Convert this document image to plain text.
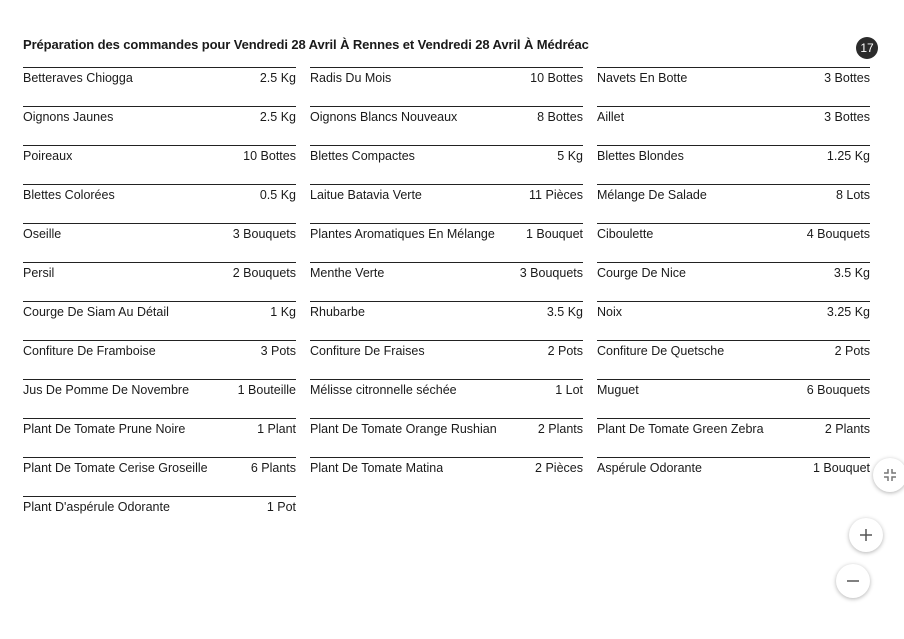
Préparation des commandes pour Vendredi 28 Avril À Rennes et Vendredi 28 Avril À Médréac	17
Betteraves Chiogga	2.5 Kg
Oignons Jaunes	2.5 Kg
Poireaux	10 Bottes
Blettes Colorées	0.5 Kg
Oseille	3 Bouquets
Persil	2 Bouquets
Courge De Siam Au Détail	1 Kg
Confiture De Framboise	3 Pots
Jus De Pomme De Novembre	1 Bouteille
Plant De Tomate Prune Noire	1 Plant
Plant De Tomate Cerise Groseille	6 Plants
Plant D'aspérule Odorante	1 Pot
Radis Du Mois	10 Bottes
Oignons Blancs Nouveaux	8 Bottes
Blettes Compactes	5 Kg
Laitue Batavia Verte	11 Pièces
Plantes Aromatiques En Mélange	1 Bouquet
Menthe Verte	3 Bouquets
Rhubarbe	3.5 Kg
Confiture De Fraises	2 Pots
Mélisse citronnelle séchée	1 Lot
Plant De Tomate Orange Rushian	2 Plants
Plant De Tomate Matina	2 Pièces
Navets En Botte	3 Bottes
Aillet	3 Bottes
Blettes Blondes	1.25 Kg
Mélange De Salade	8 Lots
Ciboulette	4 Bouquets
Courge De Nice	3.5 Kg
Noix	3.25 Kg
Confiture De Quetsche	2 Pots
Muguet	6 Bouquets
Plant De Tomate Green Zebra	2 Plants
Aspérule Odorante	1 Bouquet
